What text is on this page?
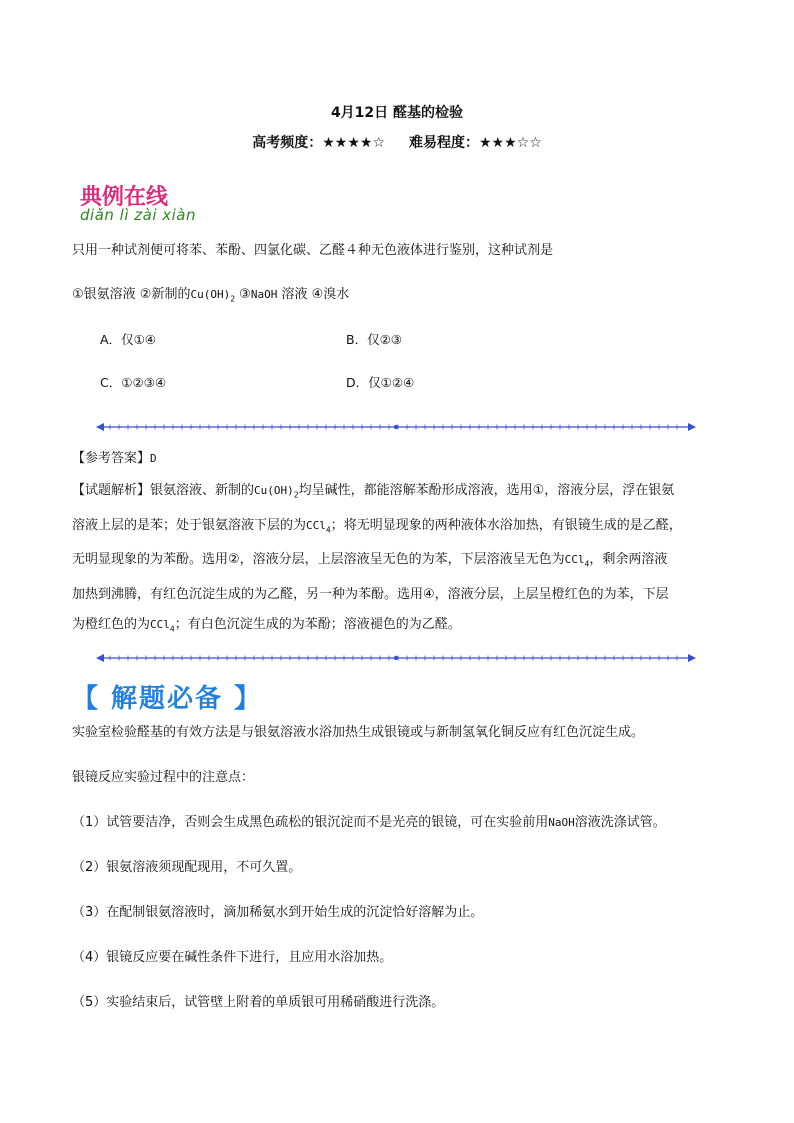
4月12日 醛基的检验
高考频度：★★★★☆ 难易程度：★★★☆☆
典例在线
diǎn lì zài xiàn
只用一种试剂便可将苯、苯酚、四氯化碳、乙醛４种无色液体进行鉴别，这种试剂是
①银氨溶液 ②新制的$Cu(OH)_2$ ③NaOH 溶液 ④溴水
A．仅①④	B．仅②③
C．①②③④	D．仅①②④
【参考答案】D
【试题解析】银氨溶液、新制的$Cu(OH)_2$均呈碱性，都能溶解苯酚形成溶液，选用①，溶液分层，浮在银氨
溶液上层的是苯；处于银氨溶液下层的为CCl$_4$；将无明显现象的两种液体水浴加热，有银镜生成的是乙醛，
无明显现象的为苯酚。选用②，溶液分层，上层溶液呈无色的为苯，下层溶液呈无色为CCl$_4$，剩余两溶液
加热到沸腾，有红色沉淀生成的为乙醛，另一种为苯酚。选用④，溶液分层，上层呈橙红色的为苯，下层
为橙红色的为CCl$_4$；有白色沉淀生成的为苯酚；溶液褪色的为乙醛。
【 解题必备 】
实验室检验醛基的有效方法是与银氨溶液水浴加热生成银镜或与新制氢氧化铜反应有红色沉淀生成。
银镜反应实验过程中的注意点：
（1）试管要洁净，否则会生成黑色疏松的银沉淀而不是光亮的银镜，可在实验前用NaOH溶液洗涤试管。
（2）银氨溶液须现配现用，不可久置。
（3）在配制银氨溶液时，滴加稀氨水到开始生成的沉淀恰好溶解为止。
（4）银镜反应要在碱性条件下进行，且应用水浴加热。
（5）实验结束后，试管壁上附着的单质银可用稀硝酸进行洗涤。
